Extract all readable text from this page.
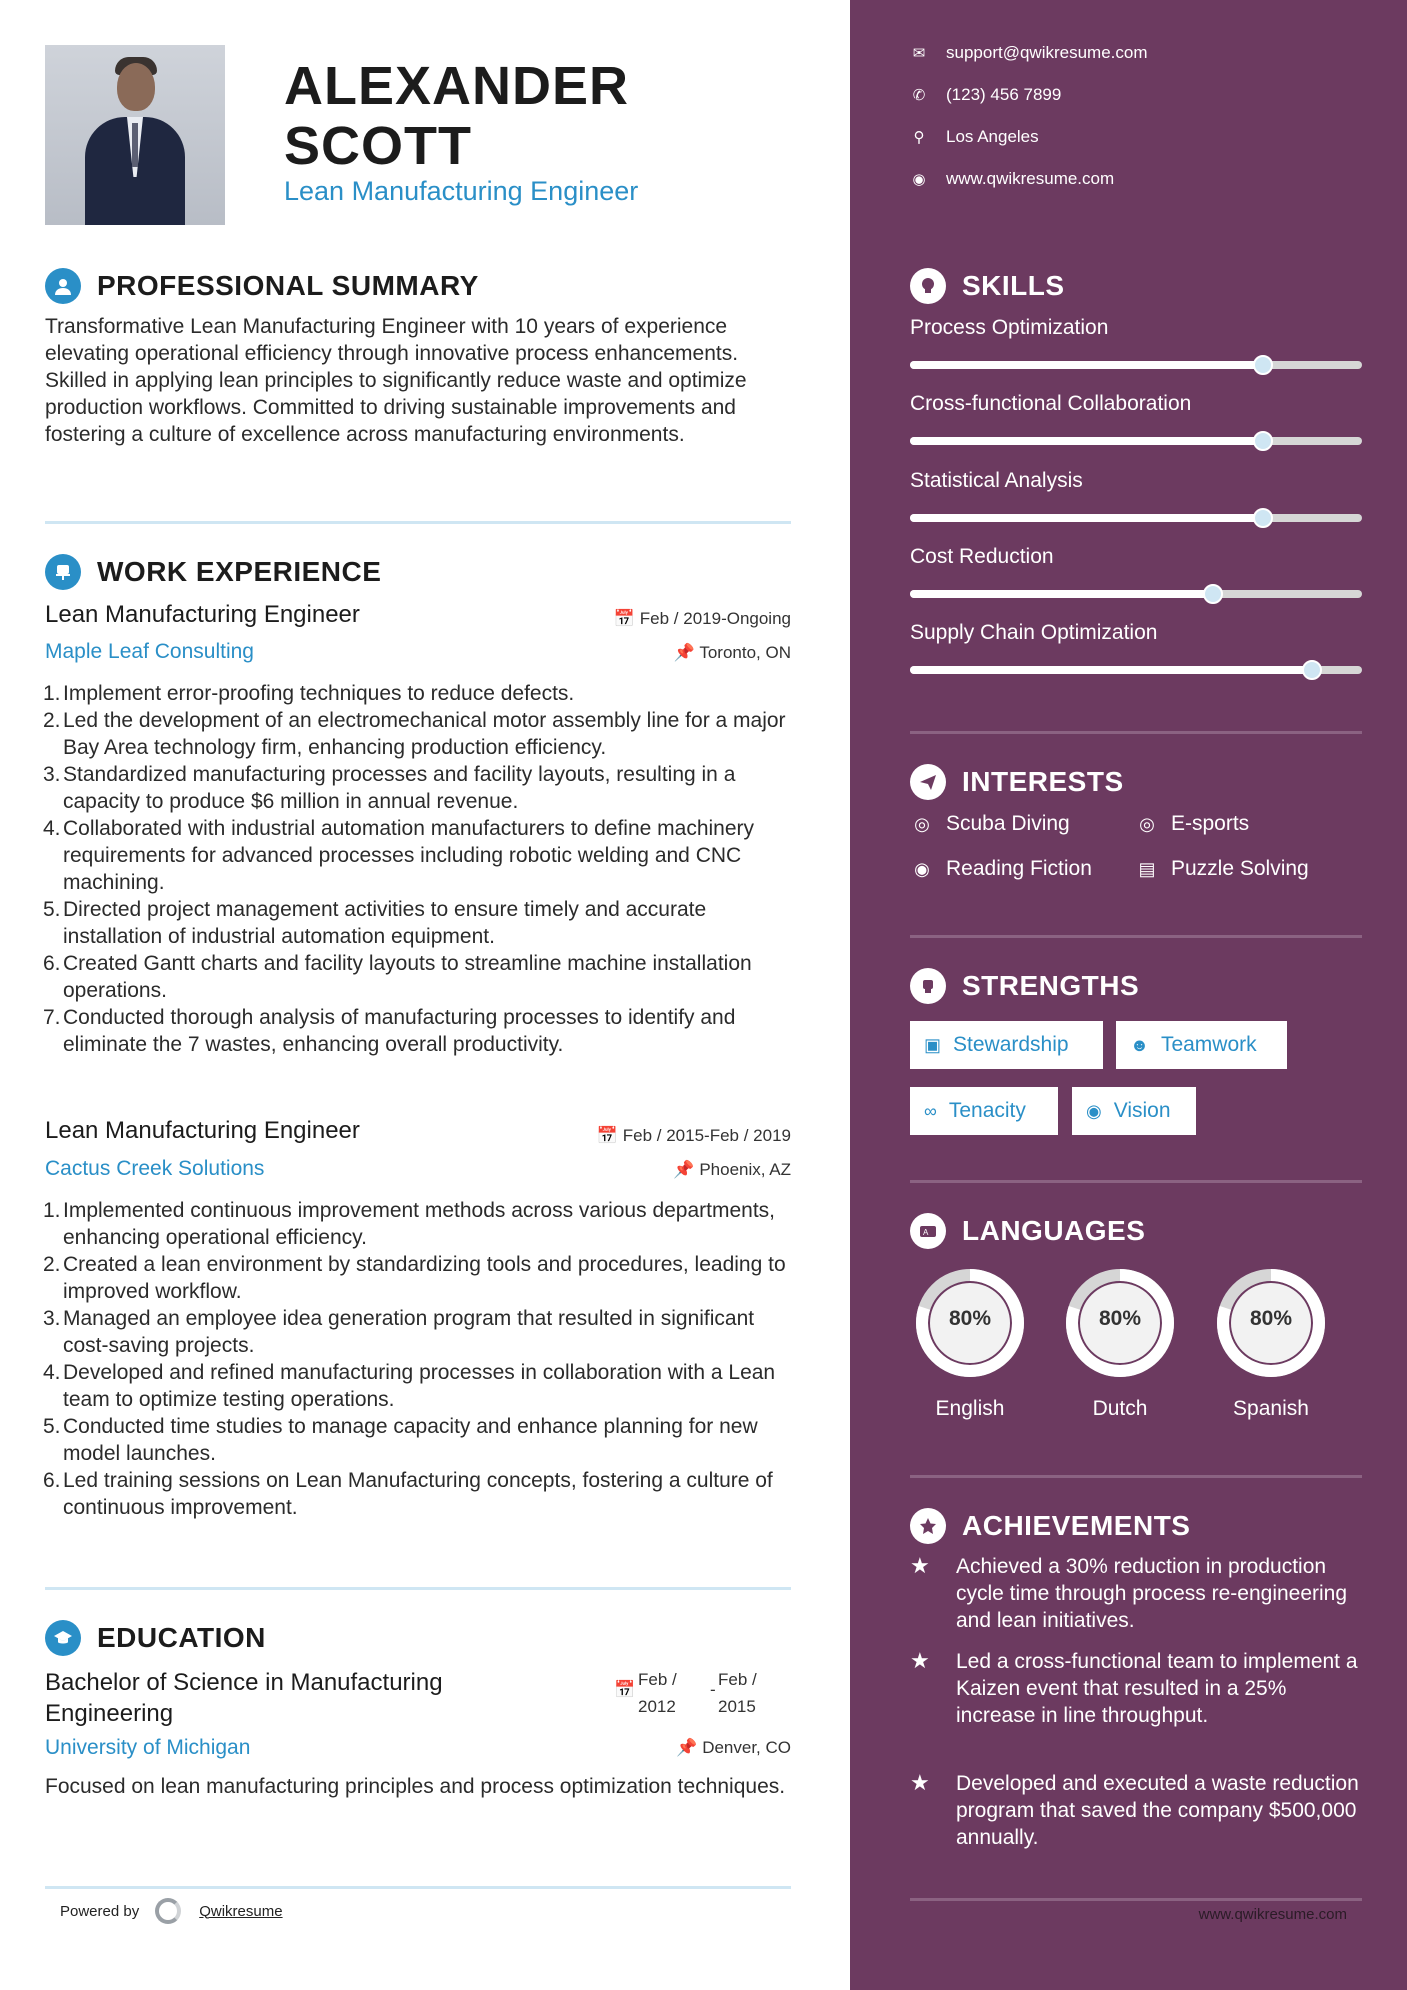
ALEXANDER
SCOTT
Lean Manufacturing Engineer
PROFESSIONAL SUMMARY
Transformative Lean Manufacturing Engineer with 10 years of experience elevating operational efficiency through innovative process enhancements. Skilled in applying lean principles to significantly reduce waste and optimize production workflows. Committed to driving sustainable improvements and fostering a culture of excellence across manufacturing environments.
WORK EXPERIENCE
Lean Manufacturing Engineer	📅 Feb / 2019-Ongoing
Maple Leaf Consulting	📌 Toronto, ON
1. Implement error-proofing techniques to reduce defects.
2. Led the development of an electromechanical motor assembly line for a major Bay Area technology firm, enhancing production efficiency.
3. Standardized manufacturing processes and facility layouts, resulting in a capacity to produce $6 million in annual revenue.
4. Collaborated with industrial automation manufacturers to define machinery requirements for advanced processes including robotic welding and CNC machining.
5. Directed project management activities to ensure timely and accurate installation of industrial automation equipment.
6. Created Gantt charts and facility layouts to streamline machine installation operations.
7. Conducted thorough analysis of manufacturing processes to identify and eliminate the 7 wastes, enhancing overall productivity.
Lean Manufacturing Engineer	📅 Feb / 2015-Feb / 2019
Cactus Creek Solutions	📌 Phoenix, AZ
1. Implemented continuous improvement methods across various departments, enhancing operational efficiency.
2. Created a lean environment by standardizing tools and procedures, leading to improved workflow.
3. Managed an employee idea generation program that resulted in significant cost-saving projects.
4. Developed and refined manufacturing processes in collaboration with a Lean team to optimize testing operations.
5. Conducted time studies to manage capacity and enhance planning for new model launches.
6. Led training sessions on Lean Manufacturing concepts, fostering a culture of continuous improvement.
EDUCATION
Bachelor of Science in Manufacturing Engineering
📅
Feb / 2012
-
Feb / 2015
University of Michigan	📌 Denver, CO
Focused on lean manufacturing principles and process optimization techniques.
Powered by	Qwikresume
✉ support@qwikresume.com
✆ (123) 456 7899
⚲ Los Angeles
◉ www.qwikresume.com
SKILLS
Process Optimization
Cross-functional Collaboration
Statistical Analysis
Cost Reduction
Supply Chain Optimization
INTERESTS
◎ Scuba Diving	◎ E-sports
◉ Reading Fiction	▤ Puzzle Solving
STRENGTHS
▣ Stewardship	☻ Teamwork
∞ Tenacity	◉ Vision
A LANGUAGES
80%
English
80%
Dutch
80%
Spanish
ACHIEVEMENTS
★	Achieved a 30% reduction in production cycle time through process re-engineering and lean initiatives.
★	Led a cross-functional team to implement a Kaizen event that resulted in a 25% increase in line throughput.
★	Developed and executed a waste reduction program that saved the company $500,000 annually.
www.qwikresume.com
